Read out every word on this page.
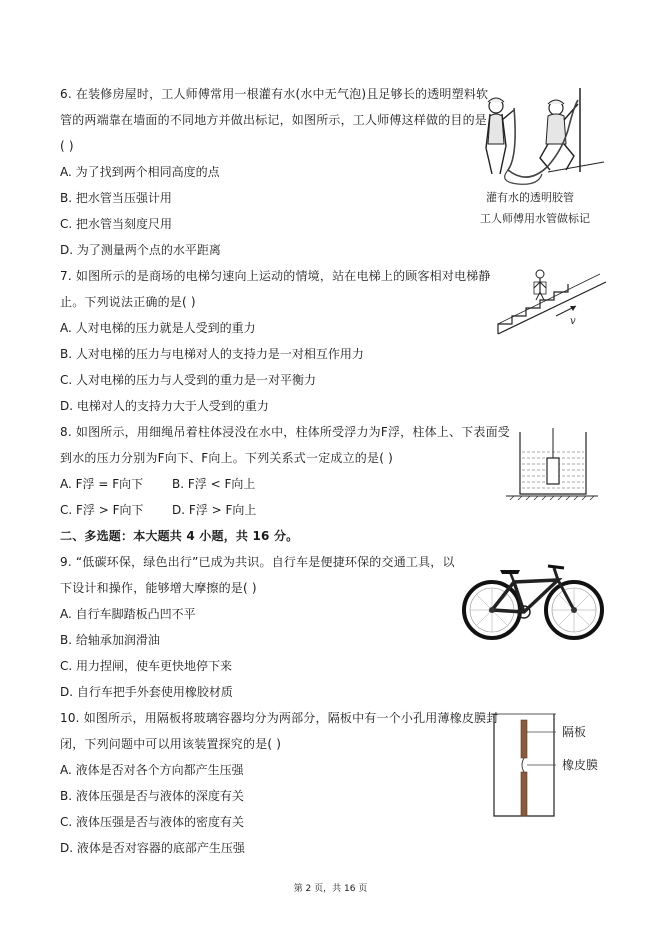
6. 在装修房屋时，工人师傅常用一根灌有水(水中无气泡)且足够长的透明塑料软
管的两端靠在墙面的不同地方并做出标记，如图所示，工人师傅这样做的目的是
( )
A. 为了找到两个相同高度的点
B. 把水管当压强计用
C. 把水管当刻度尺用
D. 为了测量两个点的水平距离
灌有水的透明胶管
工人师傅用水管做标记
7. 如图所示的是商场的电梯匀速向上运动的情境，站在电梯上的顾客相对电梯静
止。下列说法正确的是( )
A. 人对电梯的压力就是人受到的重力
B. 人对电梯的压力与电梯对人的支持力是一对相互作用力
C. 人对电梯的压力与人受到的重力是一对平衡力
D. 电梯对人的支持力大于人受到的重力
v
8. 如图所示，用细绳吊着柱体浸没在水中，柱体所受浮力为F浮，柱体上、下表面受
到水的压力分别为F向下、F向上。下列关系式一定成立的是( )
A. F浮 = F向下 B. F浮 < F向上
C. F浮 > F向下 D. F浮 > F向上
二、多选题：本大题共 4 小题，共 16 分。
9. “低碳环保，绿色出行”已成为共识。自行车是便捷环保的交通工具，以
下设计和操作，能够增大摩擦的是( )
A. 自行车脚踏板凸凹不平
B. 给轴承加润滑油
C. 用力捏闸，使车更快地停下来
D. 自行车把手外套使用橡胶材质
10. 如图所示，用隔板将玻璃容器均分为两部分，隔板中有一个小孔用薄橡皮膜封
闭，下列问题中可以用该装置探究的是( )
A. 液体是否对各个方向都产生压强
B. 液体压强是否与液体的深度有关
C. 液体压强是否与液体的密度有关
D. 液体是否对容器的底部产生压强
隔板
橡皮膜
第 2 页，共 16 页
